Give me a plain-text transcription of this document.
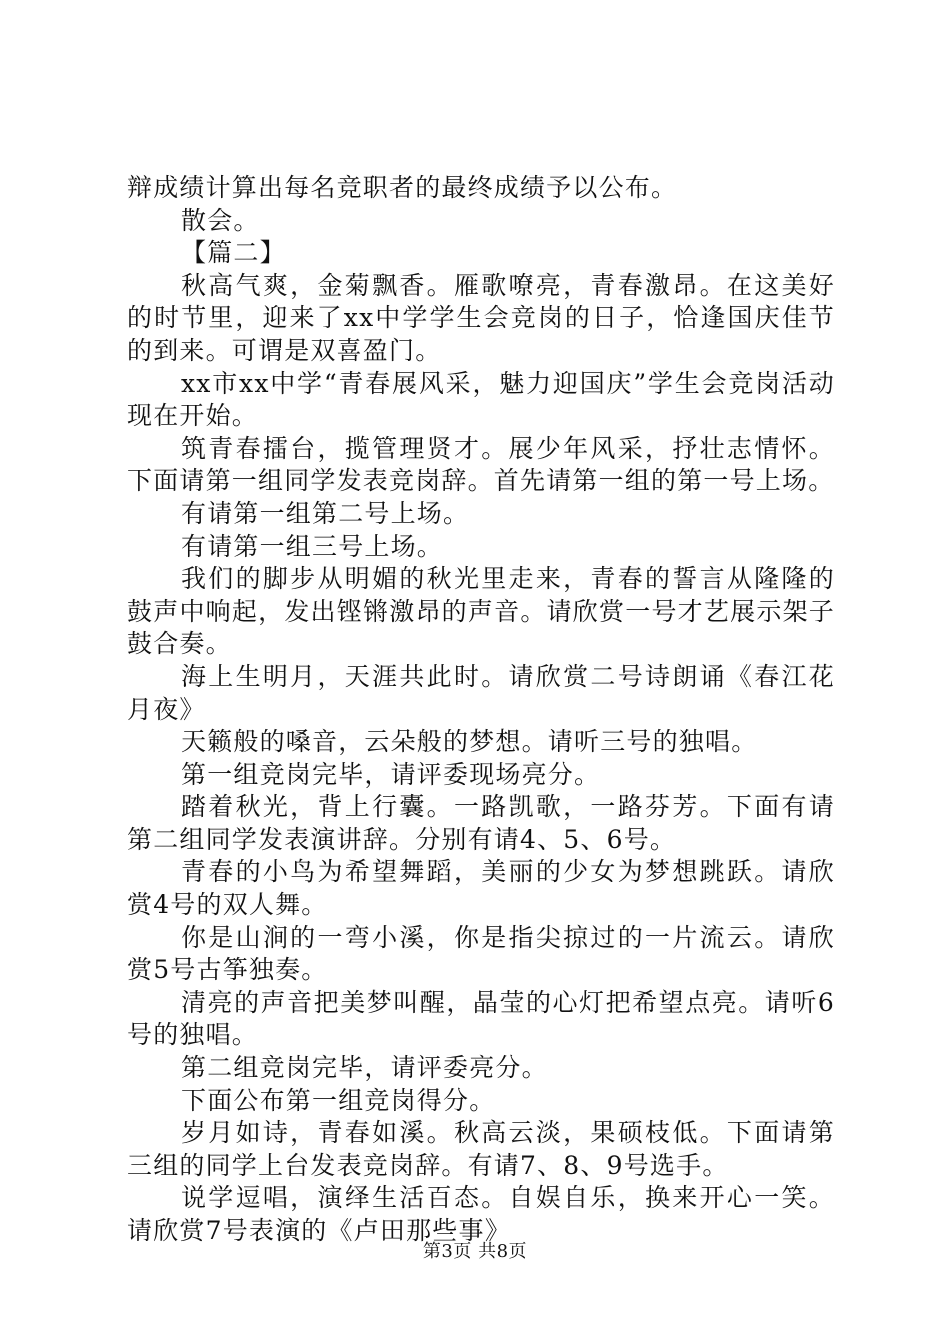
辩成绩计算出每名竞职者的最终成绩予以公布。

散会。

【篇二】

秋高气爽，金菊飘香。雁歌嘹亮，青春激昂。在这美好的时节里，迎来了xx中学学生会竞岗的日子，恰逢国庆佳节的到来。可谓是双喜盈门。

xx市xx中学“青春展风采，魅力迎国庆”学生会竞岗活动现在开始。

筑青春擂台，揽管理贤才。展少年风采，抒壮志情怀。下面请第一组同学发表竞岗辞。首先请第一组的第一号上场。

有请第一组第二号上场。

有请第一组三号上场。

我们的脚步从明媚的秋光里走来，青春的誓言从隆隆的鼓声中响起，发出铿锵激昂的声音。请欣赏一号才艺展示架子鼓合奏。

海上生明月，天涯共此时。请欣赏二号诗朗诵《春江花月夜》

天籁般的嗓音，云朵般的梦想。请听三号的独唱。

第一组竞岗完毕，请评委现场亮分。

踏着秋光，背上行囊。一路凯歌，一路芬芳。下面有请第二组同学发表演讲辞。分别有请4、5、6号。

青春的小鸟为希望舞蹈，美丽的少女为梦想跳跃。请欣赏4号的双人舞。

你是山涧的一弯小溪，你是指尖掠过的一片流云。请欣赏5号古筝独奏。

清亮的声音把美梦叫醒，晶莹的心灯把希望点亮。请听6号的独唱。

第二组竞岗完毕，请评委亮分。

下面公布第一组竞岗得分。

岁月如诗，青春如溪。秋高云淡，果硕枝低。下面请第三组的同学上台发表竞岗辞。有请7、8、9号选手。

说学逗唱，演绎生活百态。自娱自乐，换来开心一笑。请欣赏7号表演的《卢田那些事》

第3页 共8页
